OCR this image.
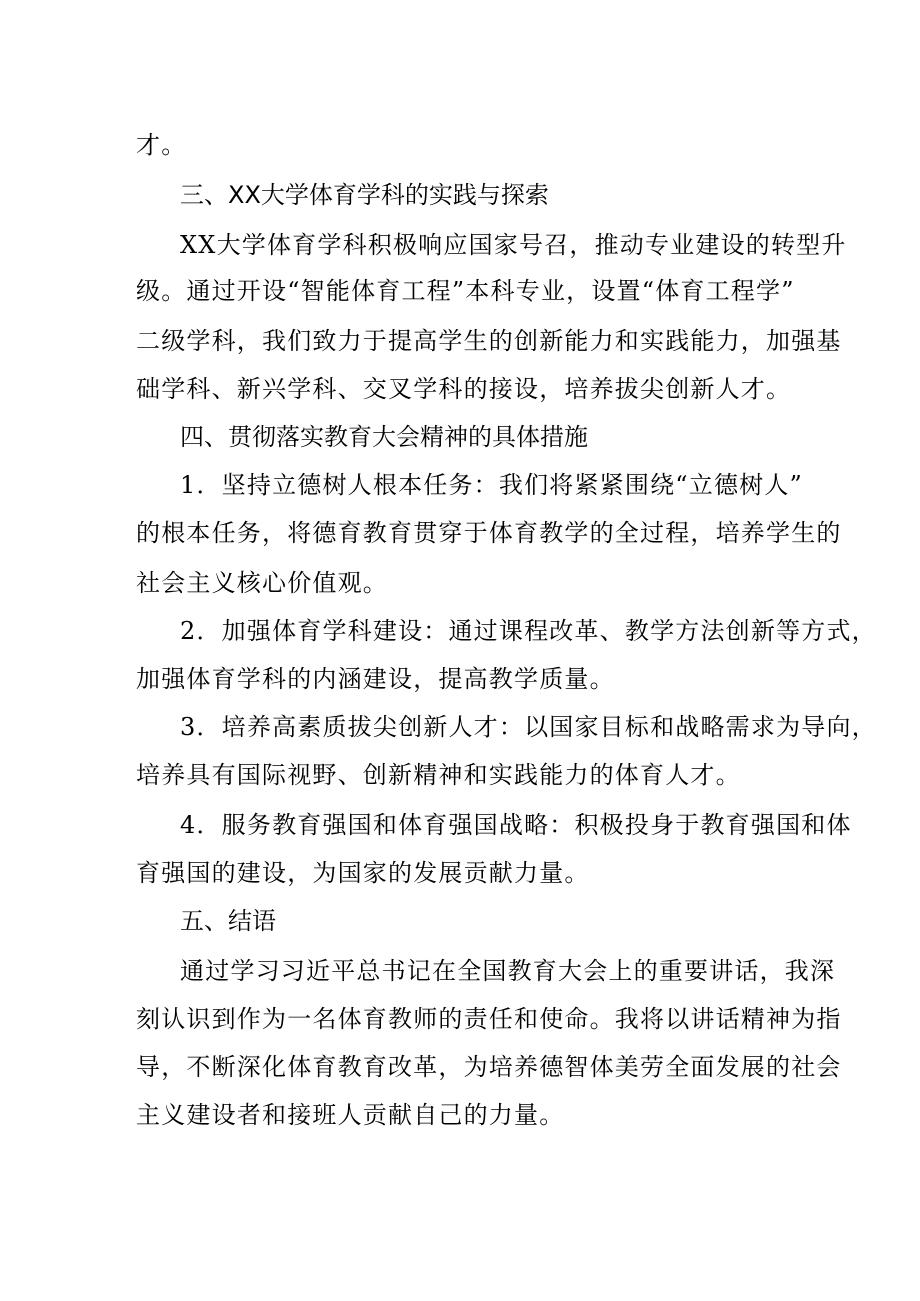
才。
三、XX大学体育学科的实践与探索
XX大学体育学科积极响应国家号召，推动专业建设的转型升
级。通过开设“智能体育工程”本科专业，设置“体育工程学”
二级学科，我们致力于提高学生的创新能力和实践能力，加强基
础学科、新兴学科、交叉学科的接设，培养拔尖创新人才。
四、贯彻落实教育大会精神的具体措施
1．坚持立德树人根本任务：我们将紧紧围绕“立德树人”
的根本任务，将德育教育贯穿于体育教学的全过程，培养学生的
社会主义核心价值观。
2．加强体育学科建设：通过课程改革、教学方法创新等方式，
加强体育学科的内涵建设，提高教学质量。
3．培养高素质拔尖创新人才：以国家目标和战略需求为导向，
培养具有国际视野、创新精神和实践能力的体育人才。
4．服务教育强国和体育强国战略：积极投身于教育强国和体
育强国的建设，为国家的发展贡献力量。
五、结语
通过学习习近平总书记在全国教育大会上的重要讲话，我深
刻认识到作为一名体育教师的责任和使命。我将以讲话精神为指
导，不断深化体育教育改革，为培养德智体美劳全面发展的社会
主义建设者和接班人贡献自己的力量。
